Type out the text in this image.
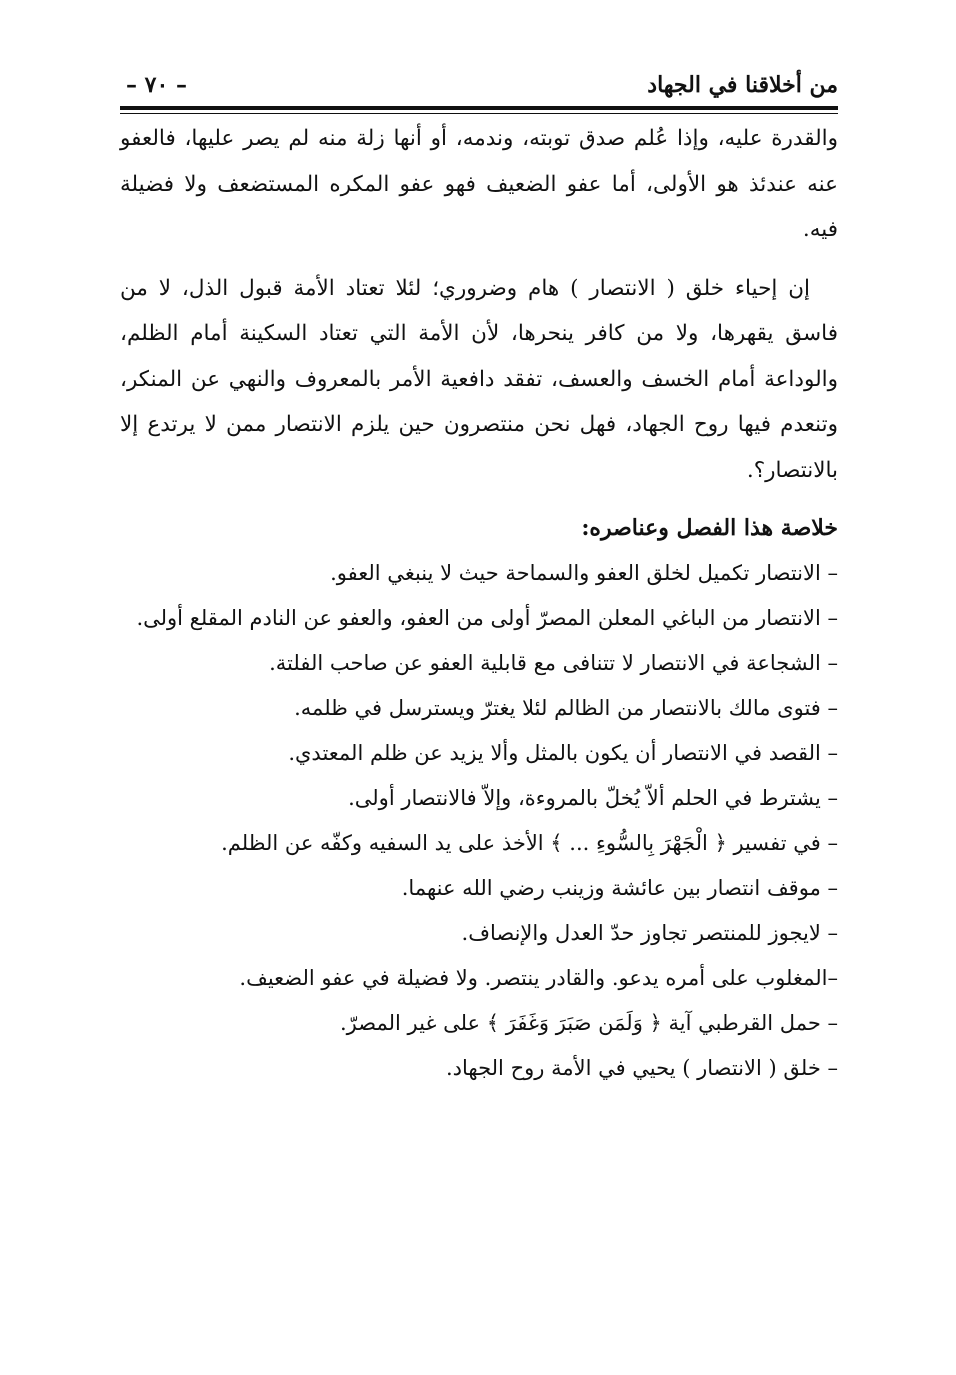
من أخلاقنا في الجهاد
– ٧٠ –

والقدرة عليه، وإذا عُلم صدق توبته، وندمه، أو أنها زلة منه لم يصر عليها، فالعفو عنه عندئذ هو الأولى، أما عفو الضعيف فهو عفو المكره المستضعف ولا فضيلة فيه.

إن إحياء خلق ( الانتصار ) هام وضروري؛ لئلا تعتاد الأمة قبول الذل، لا من فاسق يقهرها، ولا من كافر ينحرها، لأن الأمة التي تعتاد السكينة أمام الظلم، والوداعة أمام الخسف والعسف، تفقد دافعية الأمر بالمعروف والنهي عن المنكر، وتنعدم فيها روح الجهاد، فهل نحن منتصرون حين يلزم الانتصار ممن لا يرتدع إلا بالانتصار؟.

خلاصة هذا الفصل وعناصره:
– الانتصار تكميل لخلق العفو والسماحة حيث لا ينبغي العفو.
– الانتصار من الباغي المعلن المصرّ أولى من العفو، والعفو عن النادم المقلع أولى.
– الشجاعة في الانتصار لا تتنافى مع قابلية العفو عن صاحب الفلتة.
– فتوى مالك بالانتصار من الظالم لئلا يغترّ ويسترسل في ظلمه.
– القصد في الانتصار أن يكون بالمثل وألا يزيد عن ظلم المعتدي.
– يشترط في الحلم ألاّ يُخلّ بالمروءة، وإلاّ فالانتصار أولى.
– في تفسير ﴿ الْجَهْرَ بِالسُّوءِ ... ﴾ الأخذ على يد السفيه وكفّه عن الظلم.
– موقف انتصار بين عائشة وزينب رضي الله عنهما.
– لايجوز للمنتصر تجاوز حدّ العدل والإنصاف.
–المغلوب على أمره يدعو. والقادر ينتصر. ولا فضيلة في عفو الضعيف.
– حمل القرطبي آية ﴿ وَلَمَن صَبَرَ وَغَفَرَ ﴾ على غير المصرّ.
– خلق ( الانتصار ) يحيي في الأمة روح الجهاد.
